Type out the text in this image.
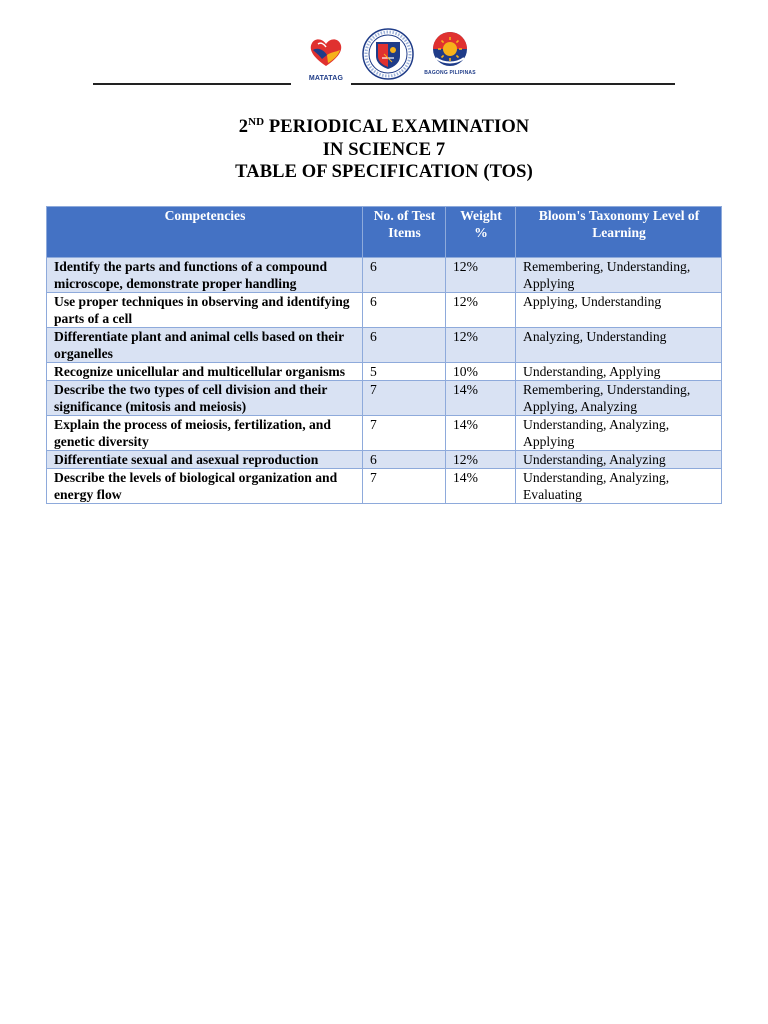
MATATAG
BAGONG PILIPINAS
2ND PERIODICAL EXAMINATION
IN SCIENCE 7
TABLE OF SPECIFICATION (TOS)
Competencies	No. of Test Items	Weight %	Bloom's Taxonomy Level of Learning
Identify the parts and functions of a compound microscope, demonstrate proper handling	6	12%	Remembering, Understanding, Applying
Use proper techniques in observing and identifying parts of a cell	6	12%	Applying, Understanding
Differentiate plant and animal cells based on their organelles	6	12%	Analyzing, Understanding
Recognize unicellular and multicellular organisms	5	10%	Understanding, Applying
Describe the two types of cell division and their significance (mitosis and meiosis)	7	14%	Remembering, Understanding, Applying, Analyzing
Explain the process of meiosis, fertilization, and genetic diversity	7	14%	Understanding, Analyzing, Applying
Differentiate sexual and asexual reproduction	6	12%	Understanding, Analyzing
Describe the levels of biological organization and energy flow	7	14%	Understanding, Analyzing, Evaluating
